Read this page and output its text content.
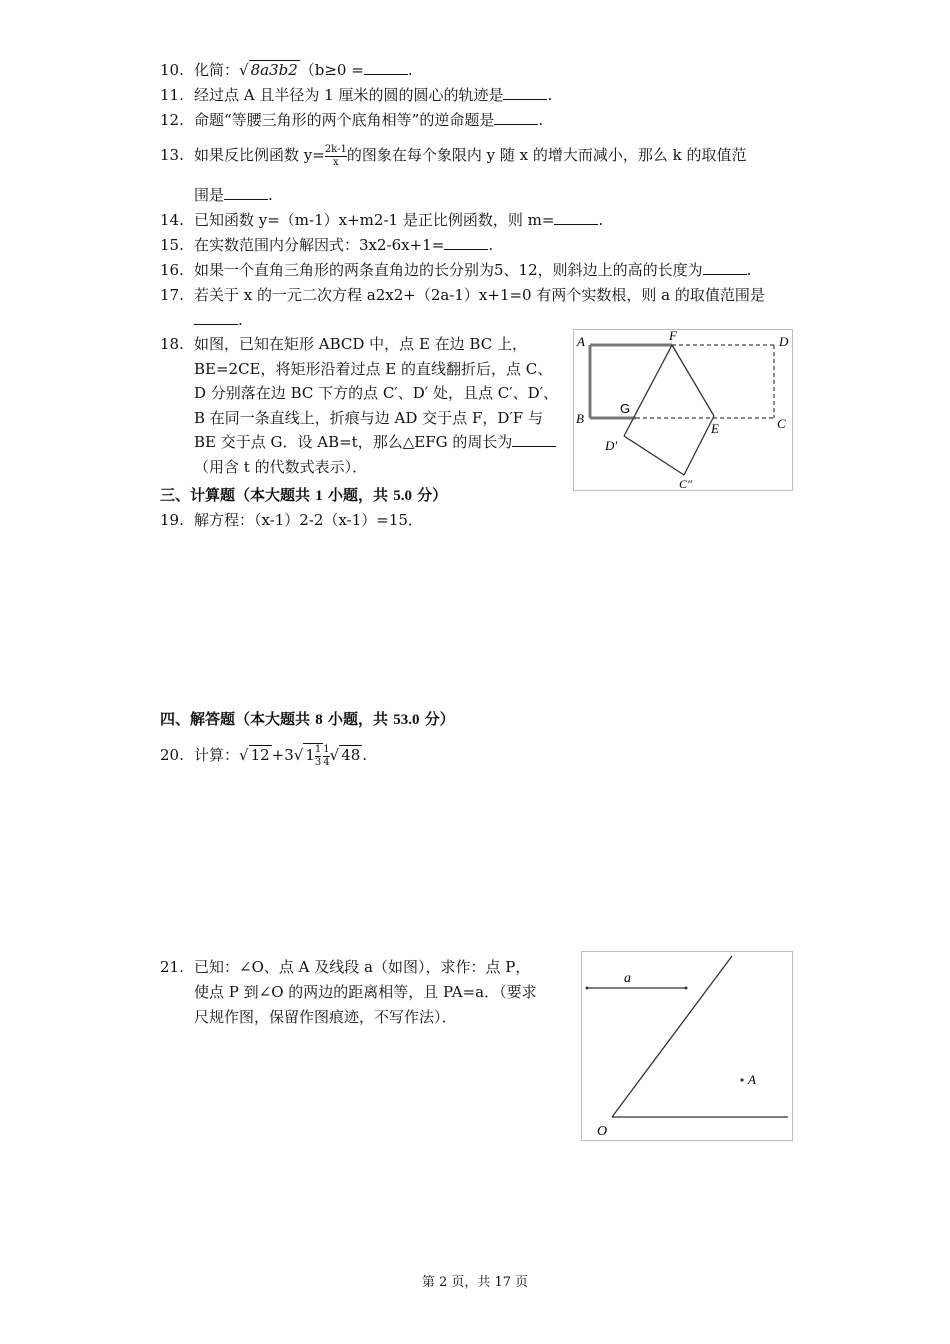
10. 化简：√ 8a3b2 （b≥0 =	.
11. 经过点 A 且半径为 1 厘米的圆的圆心的轨迹是	.
12. 命题“等腰三角形的两个底角相等”的逆命题是	.
13. 如果反比例函数 $y= \frac{2k-1}{x}$ 的图象在每个象限内 y 随 x 的增大而减小，那么 k 的取值范
围是	.
14. 已知函数 y=（m-1）x+m2-1 是正比例函数，则 m=	.
15. 在实数范围内分解因式：3x2-6x+1=	.
16. 如果一个直角三角形的两条直角边的长分别为5、12，则斜边上的高的长度为	.
17. 若关于 x 的一元二次方程 a2x2+（2a-1）x+1=0 有两个实数根，则 a 的取值范围是
.
18. 如图，已知在矩形 ABCD 中，点 E 在边 BC 上，BE=2CE，将矩形沿着过点 E 的直线翻折后，点 C、D 分别落在边 BC 下方的点 C′、D′ 处，且点 C′、D′、B 在同一条直线上，折痕与边 AD 交于点 F，D′F 与 BE 交于点 G．设 AB=t，那么△EFG 的周长为（用含 t 的代数式表示）．
A	D
F
B
G
E	C
D′
C″
三、计算题（本大题共 1 小题，共 5.0 分）
19. 解方程：（x-1）2-2（x-1）=15．
四、解答题（本大题共 8 小题，共 53.0 分）
20. 计算：√ 12 +3√ $1 \frac{1}{3} \frac{1}{4}$ √ 48 .
21. 已知：∠O、点 A 及线段 a（如图），求作：点 P，
使点 P 到∠O 的两边的距离相等，且 PA=a．（要求
尺规作图，保留作图痕迹，不写作法）．
a
A
O
第 2 页，共 17 页
